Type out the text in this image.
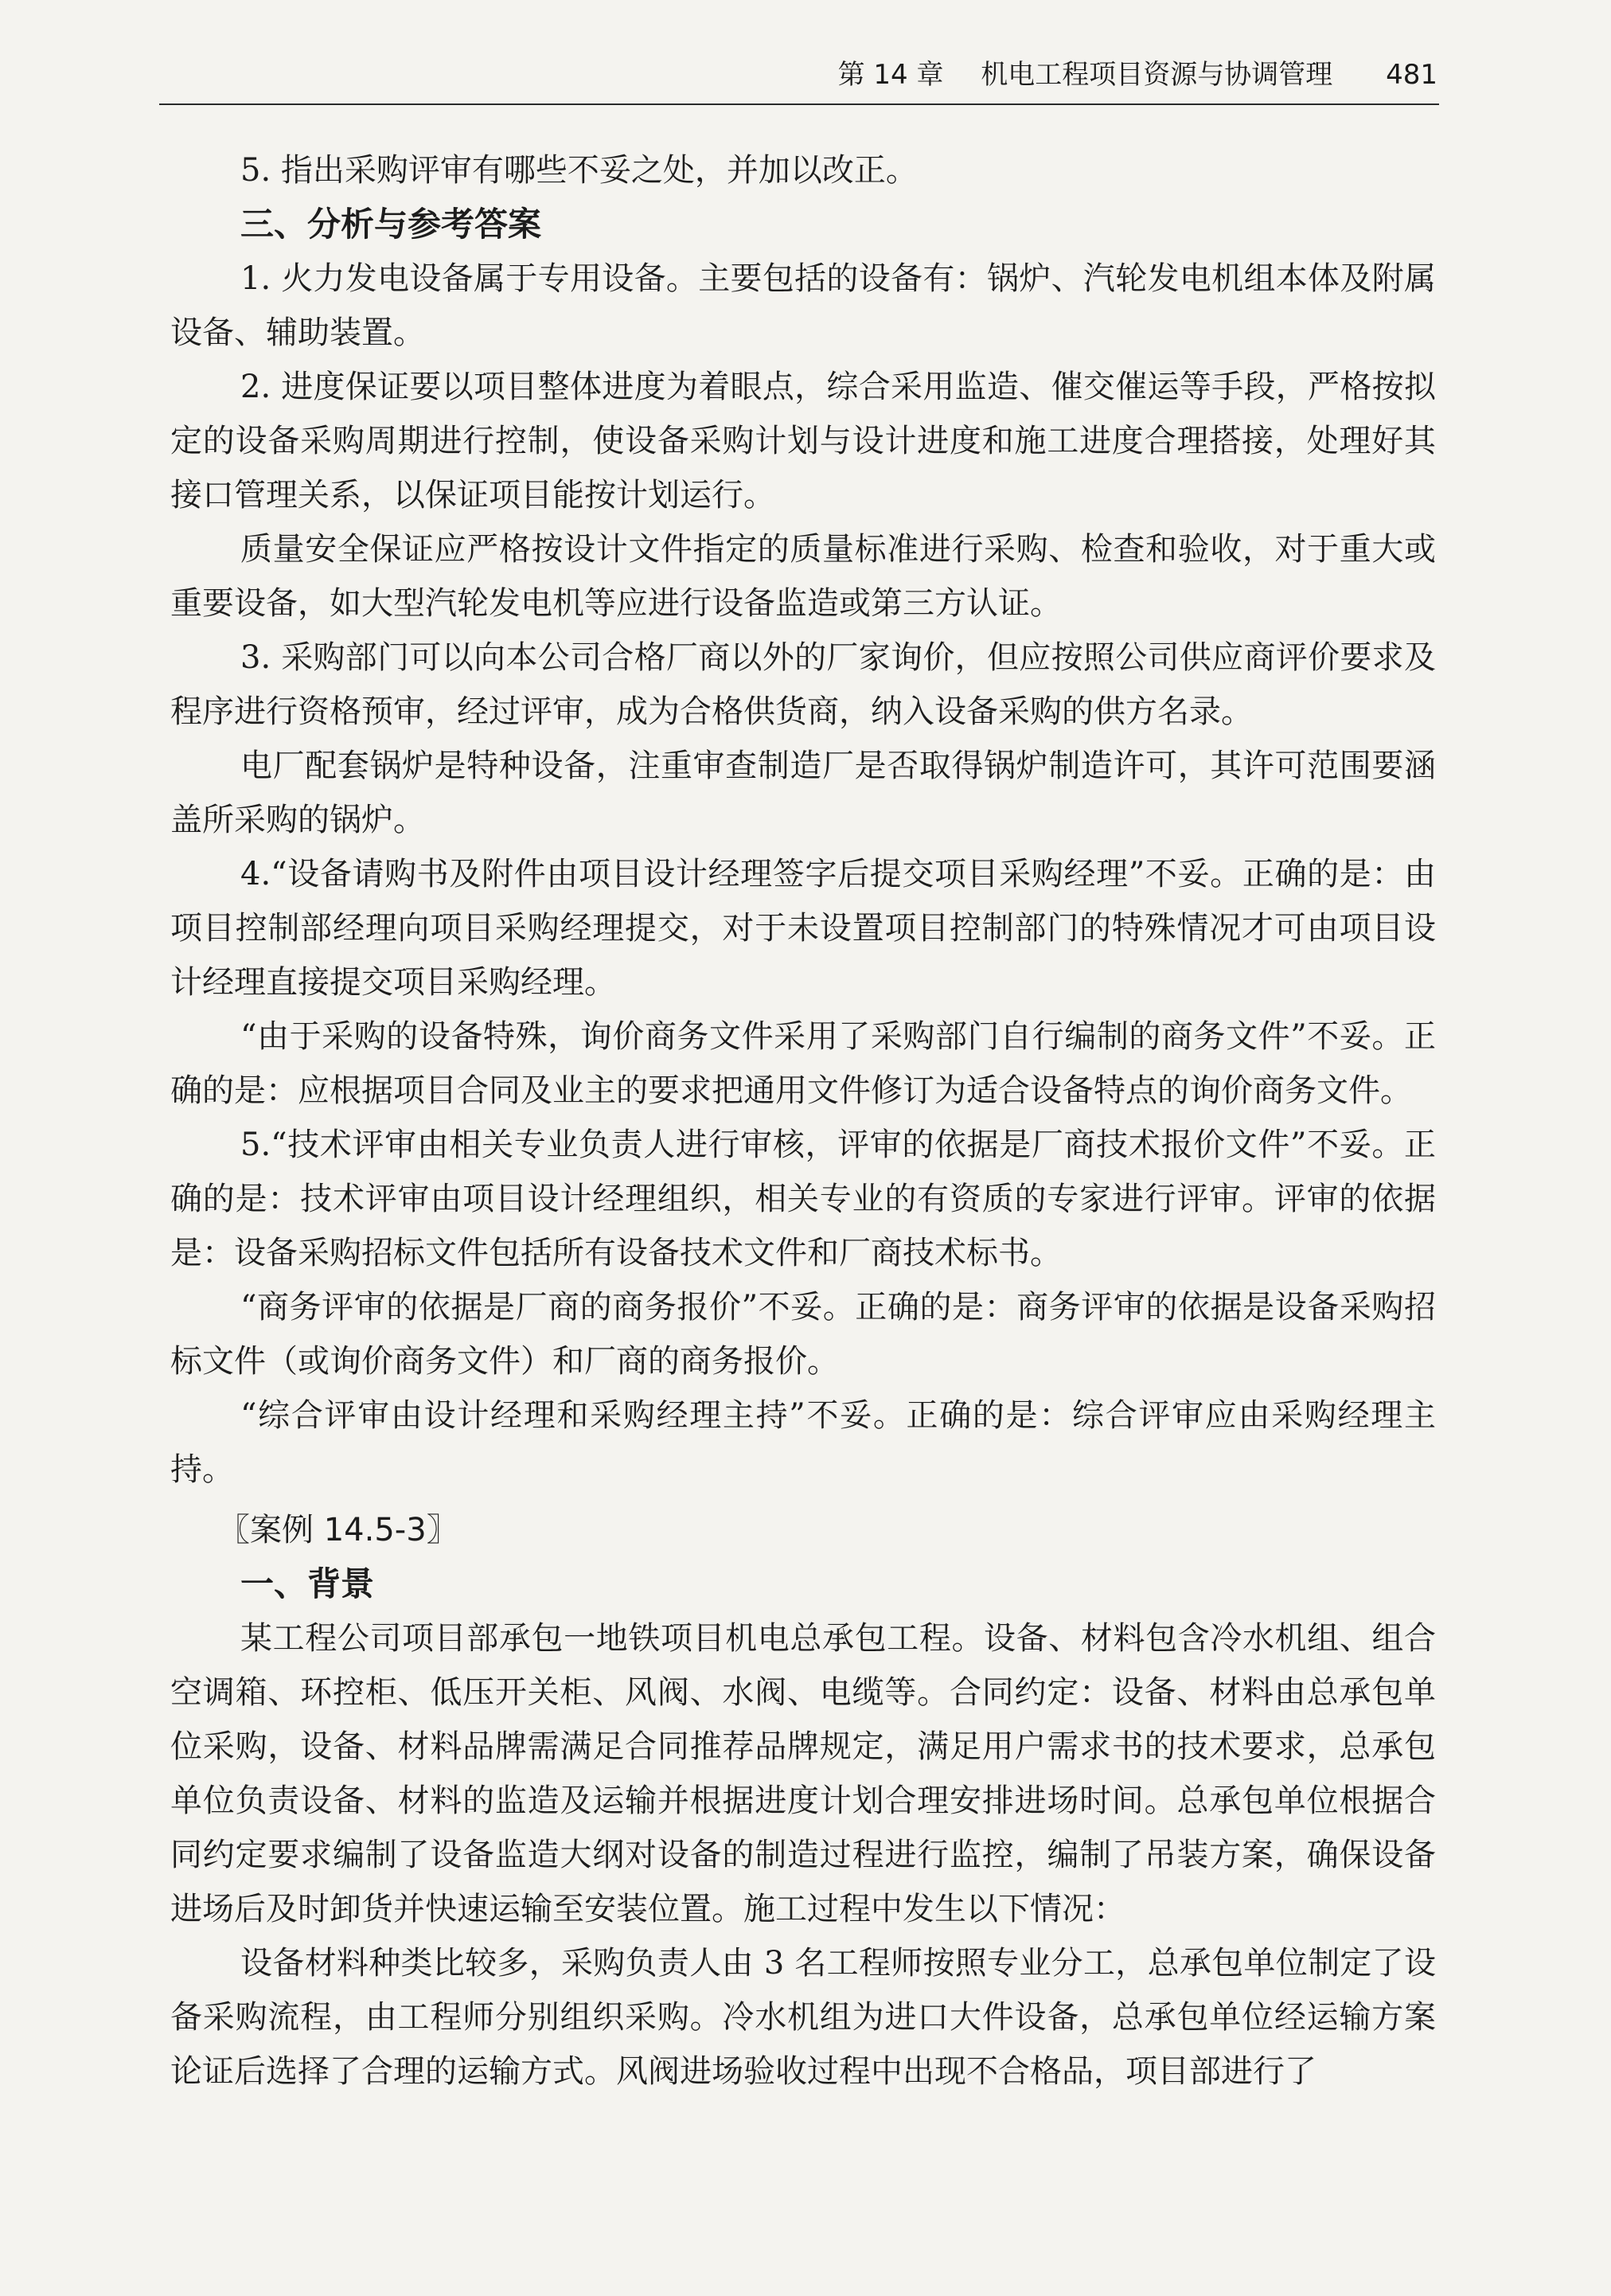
第 14 章 机电工程项目资源与协调管理 481

5. 指出采购评审有哪些不妥之处，并加以改正。

三、分析与参考答案

1. 火力发电设备属于专用设备。主要包括的设备有：锅炉、汽轮发电机组本体及附属设备、辅助装置。

2. 进度保证要以项目整体进度为着眼点，综合采用监造、催交催运等手段，严格按拟定的设备采购周期进行控制，使设备采购计划与设计进度和施工进度合理搭接，处理好其接口管理关系，以保证项目能按计划运行。

质量安全保证应严格按设计文件指定的质量标准进行采购、检查和验收，对于重大或重要设备，如大型汽轮发电机等应进行设备监造或第三方认证。

3. 采购部门可以向本公司合格厂商以外的厂家询价，但应按照公司供应商评价要求及程序进行资格预审，经过评审，成为合格供货商，纳入设备采购的供方名录。

电厂配套锅炉是特种设备，注重审查制造厂是否取得锅炉制造许可，其许可范围要涵盖所采购的锅炉。

4.“设备请购书及附件由项目设计经理签字后提交项目采购经理”不妥。正确的是：由项目控制部经理向项目采购经理提交，对于未设置项目控制部门的特殊情况才可由项目设计经理直接提交项目采购经理。

“由于采购的设备特殊，询价商务文件采用了采购部门自行编制的商务文件”不妥。正确的是：应根据项目合同及业主的要求把通用文件修订为适合设备特点的询价商务文件。

5.“技术评审由相关专业负责人进行审核，评审的依据是厂商技术报价文件”不妥。正确的是：技术评审由项目设计经理组织，相关专业的有资质的专家进行评审。评审的依据是：设备采购招标文件包括所有设备技术文件和厂商技术标书。

“商务评审的依据是厂商的商务报价”不妥。正确的是：商务评审的依据是设备采购招标文件（或询价商务文件）和厂商的商务报价。

“综合评审由设计经理和采购经理主持”不妥。正确的是：综合评审应由采购经理主持。

〖案例 14.5-3〗

一、背景

某工程公司项目部承包一地铁项目机电总承包工程。设备、材料包含冷水机组、组合空调箱、环控柜、低压开关柜、风阀、水阀、电缆等。合同约定：设备、材料由总承包单位采购，设备、材料品牌需满足合同推荐品牌规定，满足用户需求书的技术要求，总承包单位负责设备、材料的监造及运输并根据进度计划合理安排进场时间。总承包单位根据合同约定要求编制了设备监造大纲对设备的制造过程进行监控，编制了吊装方案，确保设备进场后及时卸货并快速运输至安装位置。施工过程中发生以下情况：

设备材料种类比较多，采购负责人由 3 名工程师按照专业分工，总承包单位制定了设备采购流程，由工程师分别组织采购。冷水机组为进口大件设备，总承包单位经运输方案论证后选择了合理的运输方式。风阀进场验收过程中出现不合格品，项目部进行了
